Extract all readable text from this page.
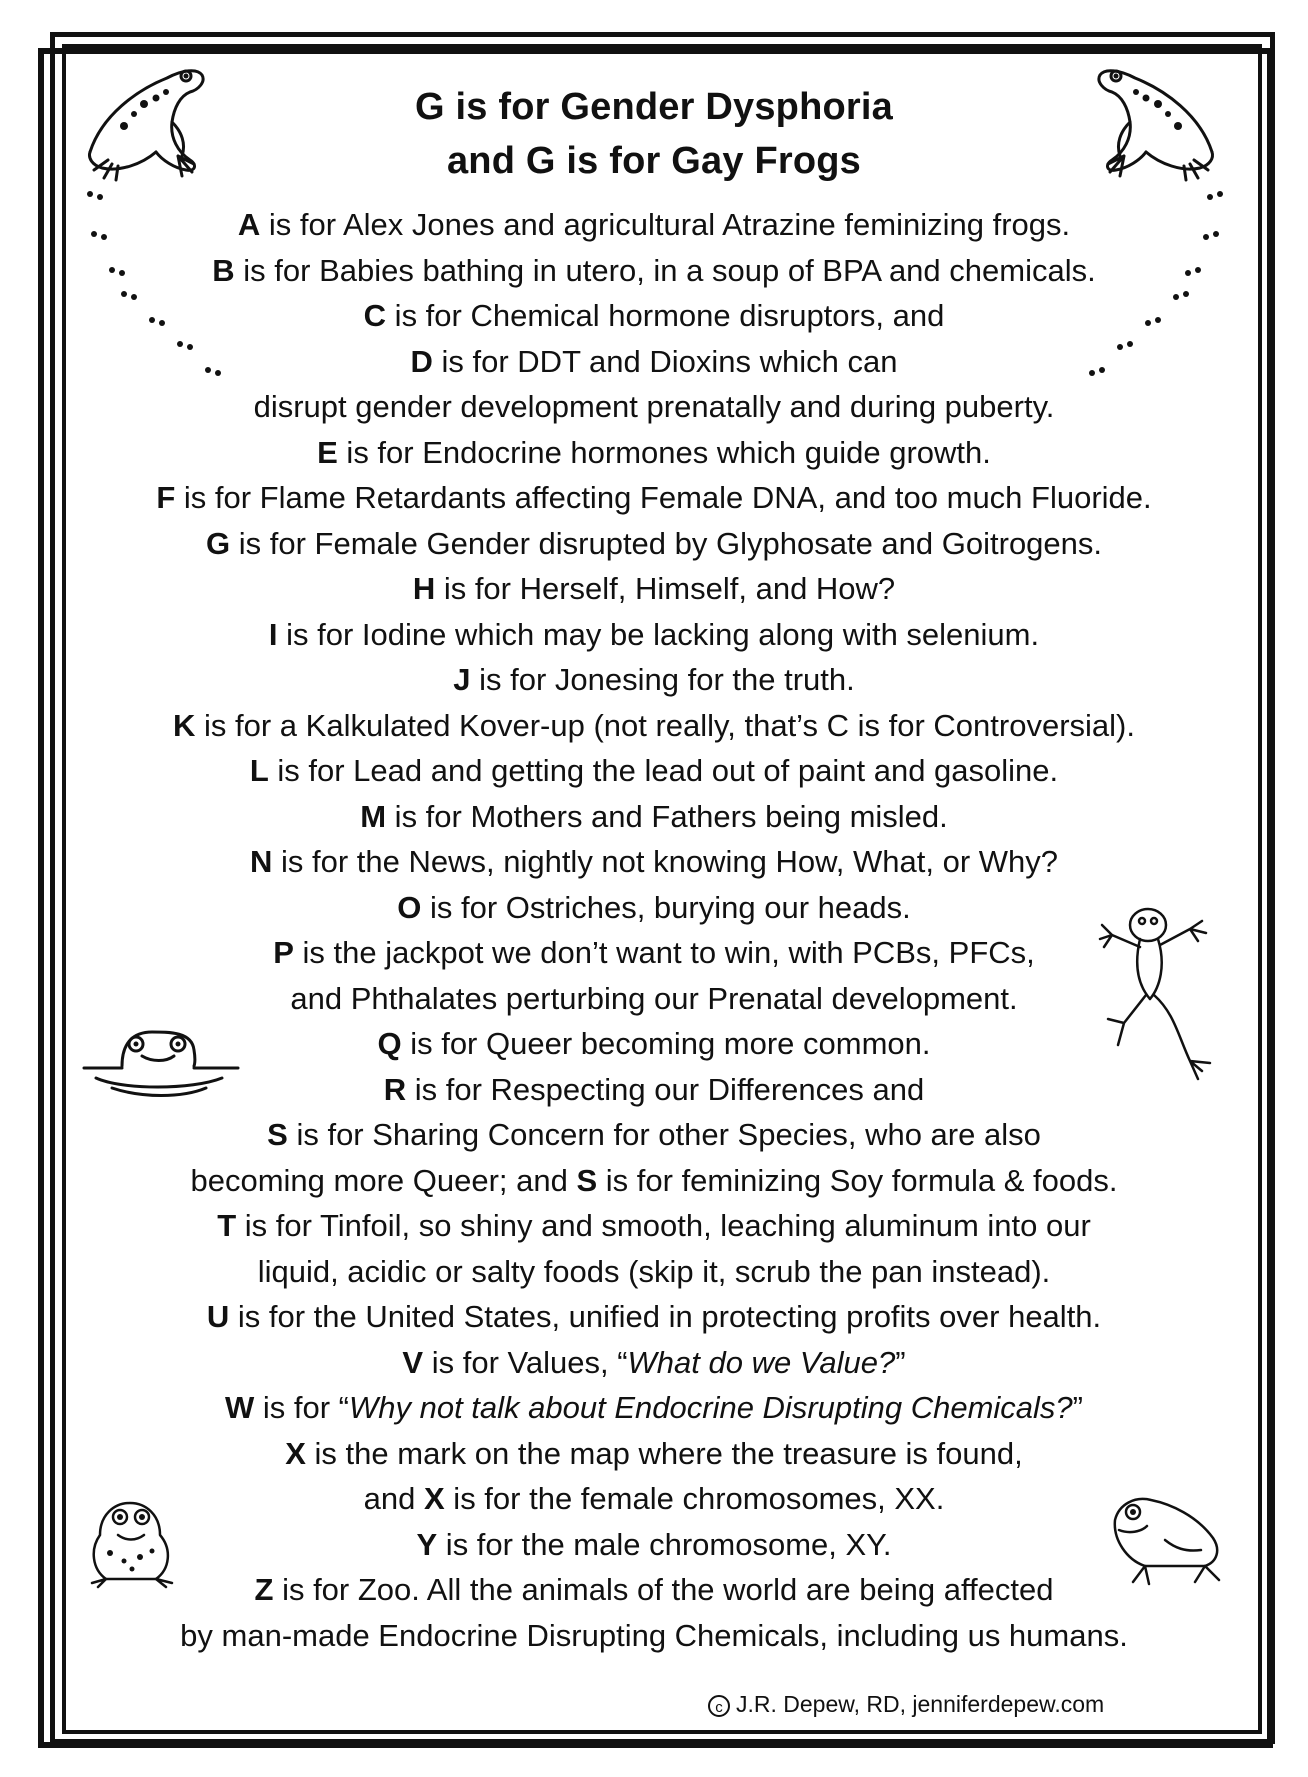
G is for Gender Dysphoria
and G is for Gay Frogs
A is for Alex Jones and agricultural Atrazine feminizing frogs.
B is for Babies bathing in utero, in a soup of BPA and chemicals.
C is for Chemical hormone disruptors, and
D is for DDT and Dioxins which can
disrupt gender development prenatally and during puberty.
E is for Endocrine hormones which guide growth.
F is for Flame Retardants affecting Female DNA, and too much Fluoride.
G is for Female Gender disrupted by Glyphosate and Goitrogens.
H is for Herself, Himself, and How?
I is for Iodine which may be lacking along with selenium.
J is for Jonesing for the truth.
K is for a Kalkulated Kover-up (not really, that’s C is for Controversial).
L is for Lead and getting the lead out of paint and gasoline.
M is for Mothers and Fathers being misled.
N is for the News, nightly not knowing How, What, or Why?
O is for Ostriches, burying our heads.
P is the jackpot we don’t want to win, with PCBs, PFCs,
and Phthalates perturbing our Prenatal development.
Q is for Queer becoming more common.
R is for Respecting our Differences and
S is for Sharing Concern for other Species, who are also
becoming more Queer; and S is for feminizing Soy formula & foods.
T is for Tinfoil, so shiny and smooth, leaching aluminum into our
liquid, acidic or salty foods (skip it, scrub the pan instead).
U is for the United States, unified in protecting profits over health.
V is for Values, “What do we Value?”
W is for “Why not talk about Endocrine Disrupting Chemicals?”
X is the mark on the map where the treasure is found,
and X is for the female chromosomes, XX.
Y is for the male chromosome, XY.
Z is for Zoo. All the animals of the world are being affected
by man-made Endocrine Disrupting Chemicals, including us humans.
c J.R. Depew, RD, jenniferdepew.com
